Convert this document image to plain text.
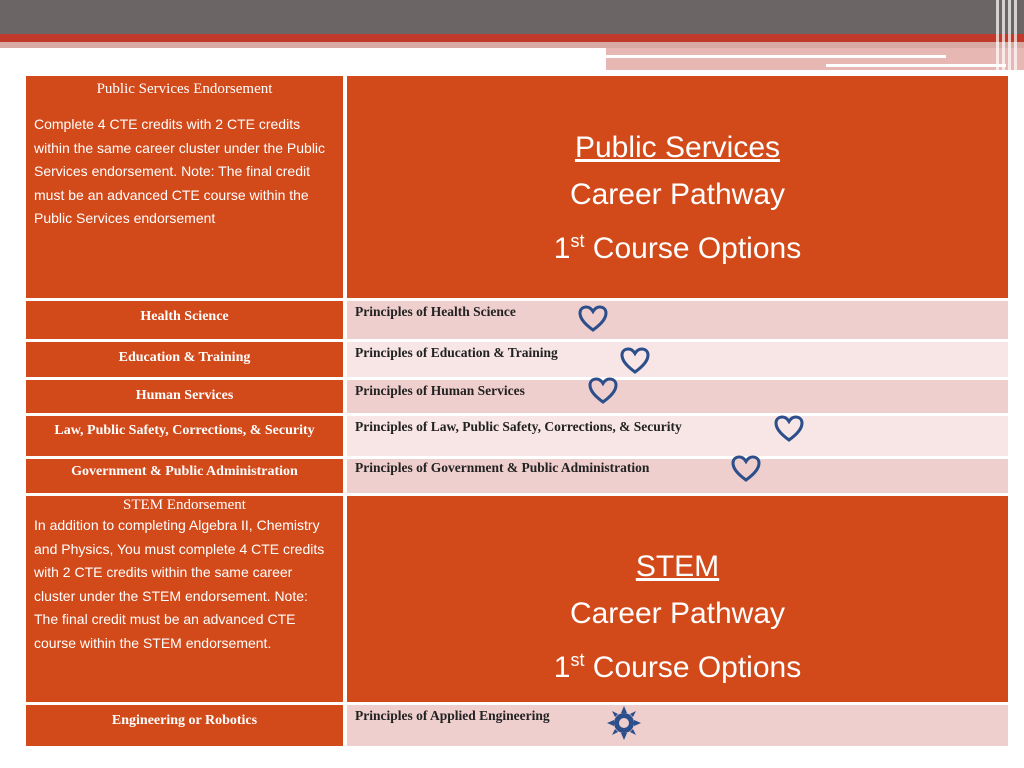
Public Services Endorsement
Complete 4 CTE credits with 2 CTE credits within the same career cluster under the Public Services endorsement. Note: The final credit must be an advanced CTE course within the Public Services endorsement
Public Services
Career Pathway
1st Course Options
Health Science	Principles of Health Science
Education & Training	Principles of Education & Training
Human Services	Principles of Human Services
Law, Public Safety, Corrections, & Security	Principles of Law, Public Safety, Corrections, & Security
Government & Public Administration	Principles of Government & Public Administration
STEM Endorsement
In addition to completing Algebra II, Chemistry and Physics, You must complete 4 CTE credits with 2 CTE credits within the same career cluster under the STEM endorsement. Note: The final credit must be an advanced CTE course within the STEM endorsement.
STEM
Career Pathway
1st Course Options
Engineering or Robotics	Principles of Applied Engineering
